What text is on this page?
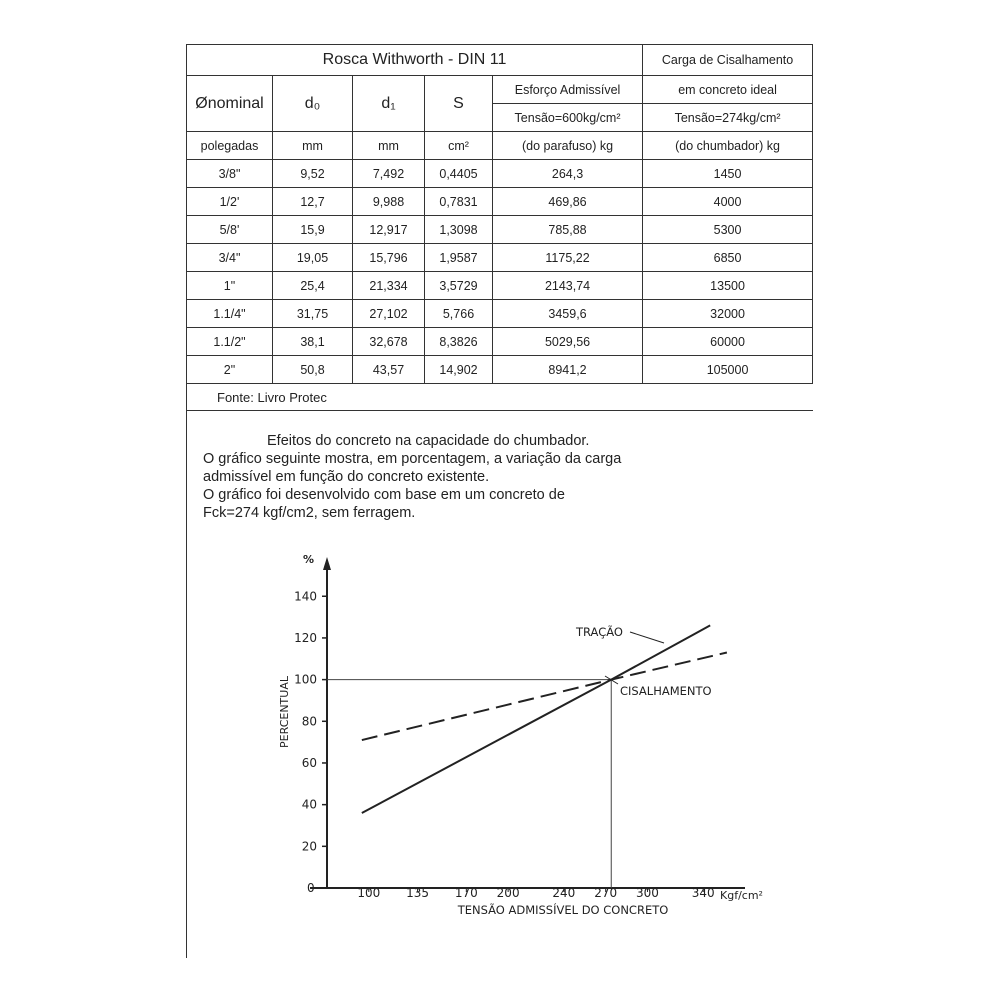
Rosca Withworth - DIN 11					Carga de Cisalhamento
Ønominal	d₀	d₁	S	Esforço Admissível	em concreto ideal
				Tensão=600kg/cm²	Tensão=274kg/cm²
polegadas	mm	mm	cm²	(do parafuso) kg	(do chumbador) kg
3/8"	9,52	7,492	0,4405	264,3	1450
1/2'	12,7	9,988	0,7831	469,86	4000
5/8'	15,9	12,917	1,3098	785,88	5300
3/4"	19,05	15,796	1,9587	1175,22	6850
1"	25,4	21,334	3,5729	2143,74	13500
1.1/4"	31,75	27,102	5,766	3459,6	32000
1.1/2"	38,1	32,678	8,3826	5029,56	60000
2"	50,8	43,57	14,902	8941,2	105000
Fonte: Livro Protec					
Efeitos do concreto na capacidade do chumbador.
O gráfico seguinte mostra, em porcentagem, a variação da carga
admissível em função do concreto existente.
O gráfico foi desenvolvido com base em um concreto de
Fck=274 kgf/cm2, sem ferragem.
%
0
PERCENTUAL
TENSÃO ADMISSÍVEL DO CONCRETO
Kgf/cm²
20
40
60
80
100
120
140
100 135 170 200	240 270 300	340
TRAÇÃO
CISALHAMENTO
